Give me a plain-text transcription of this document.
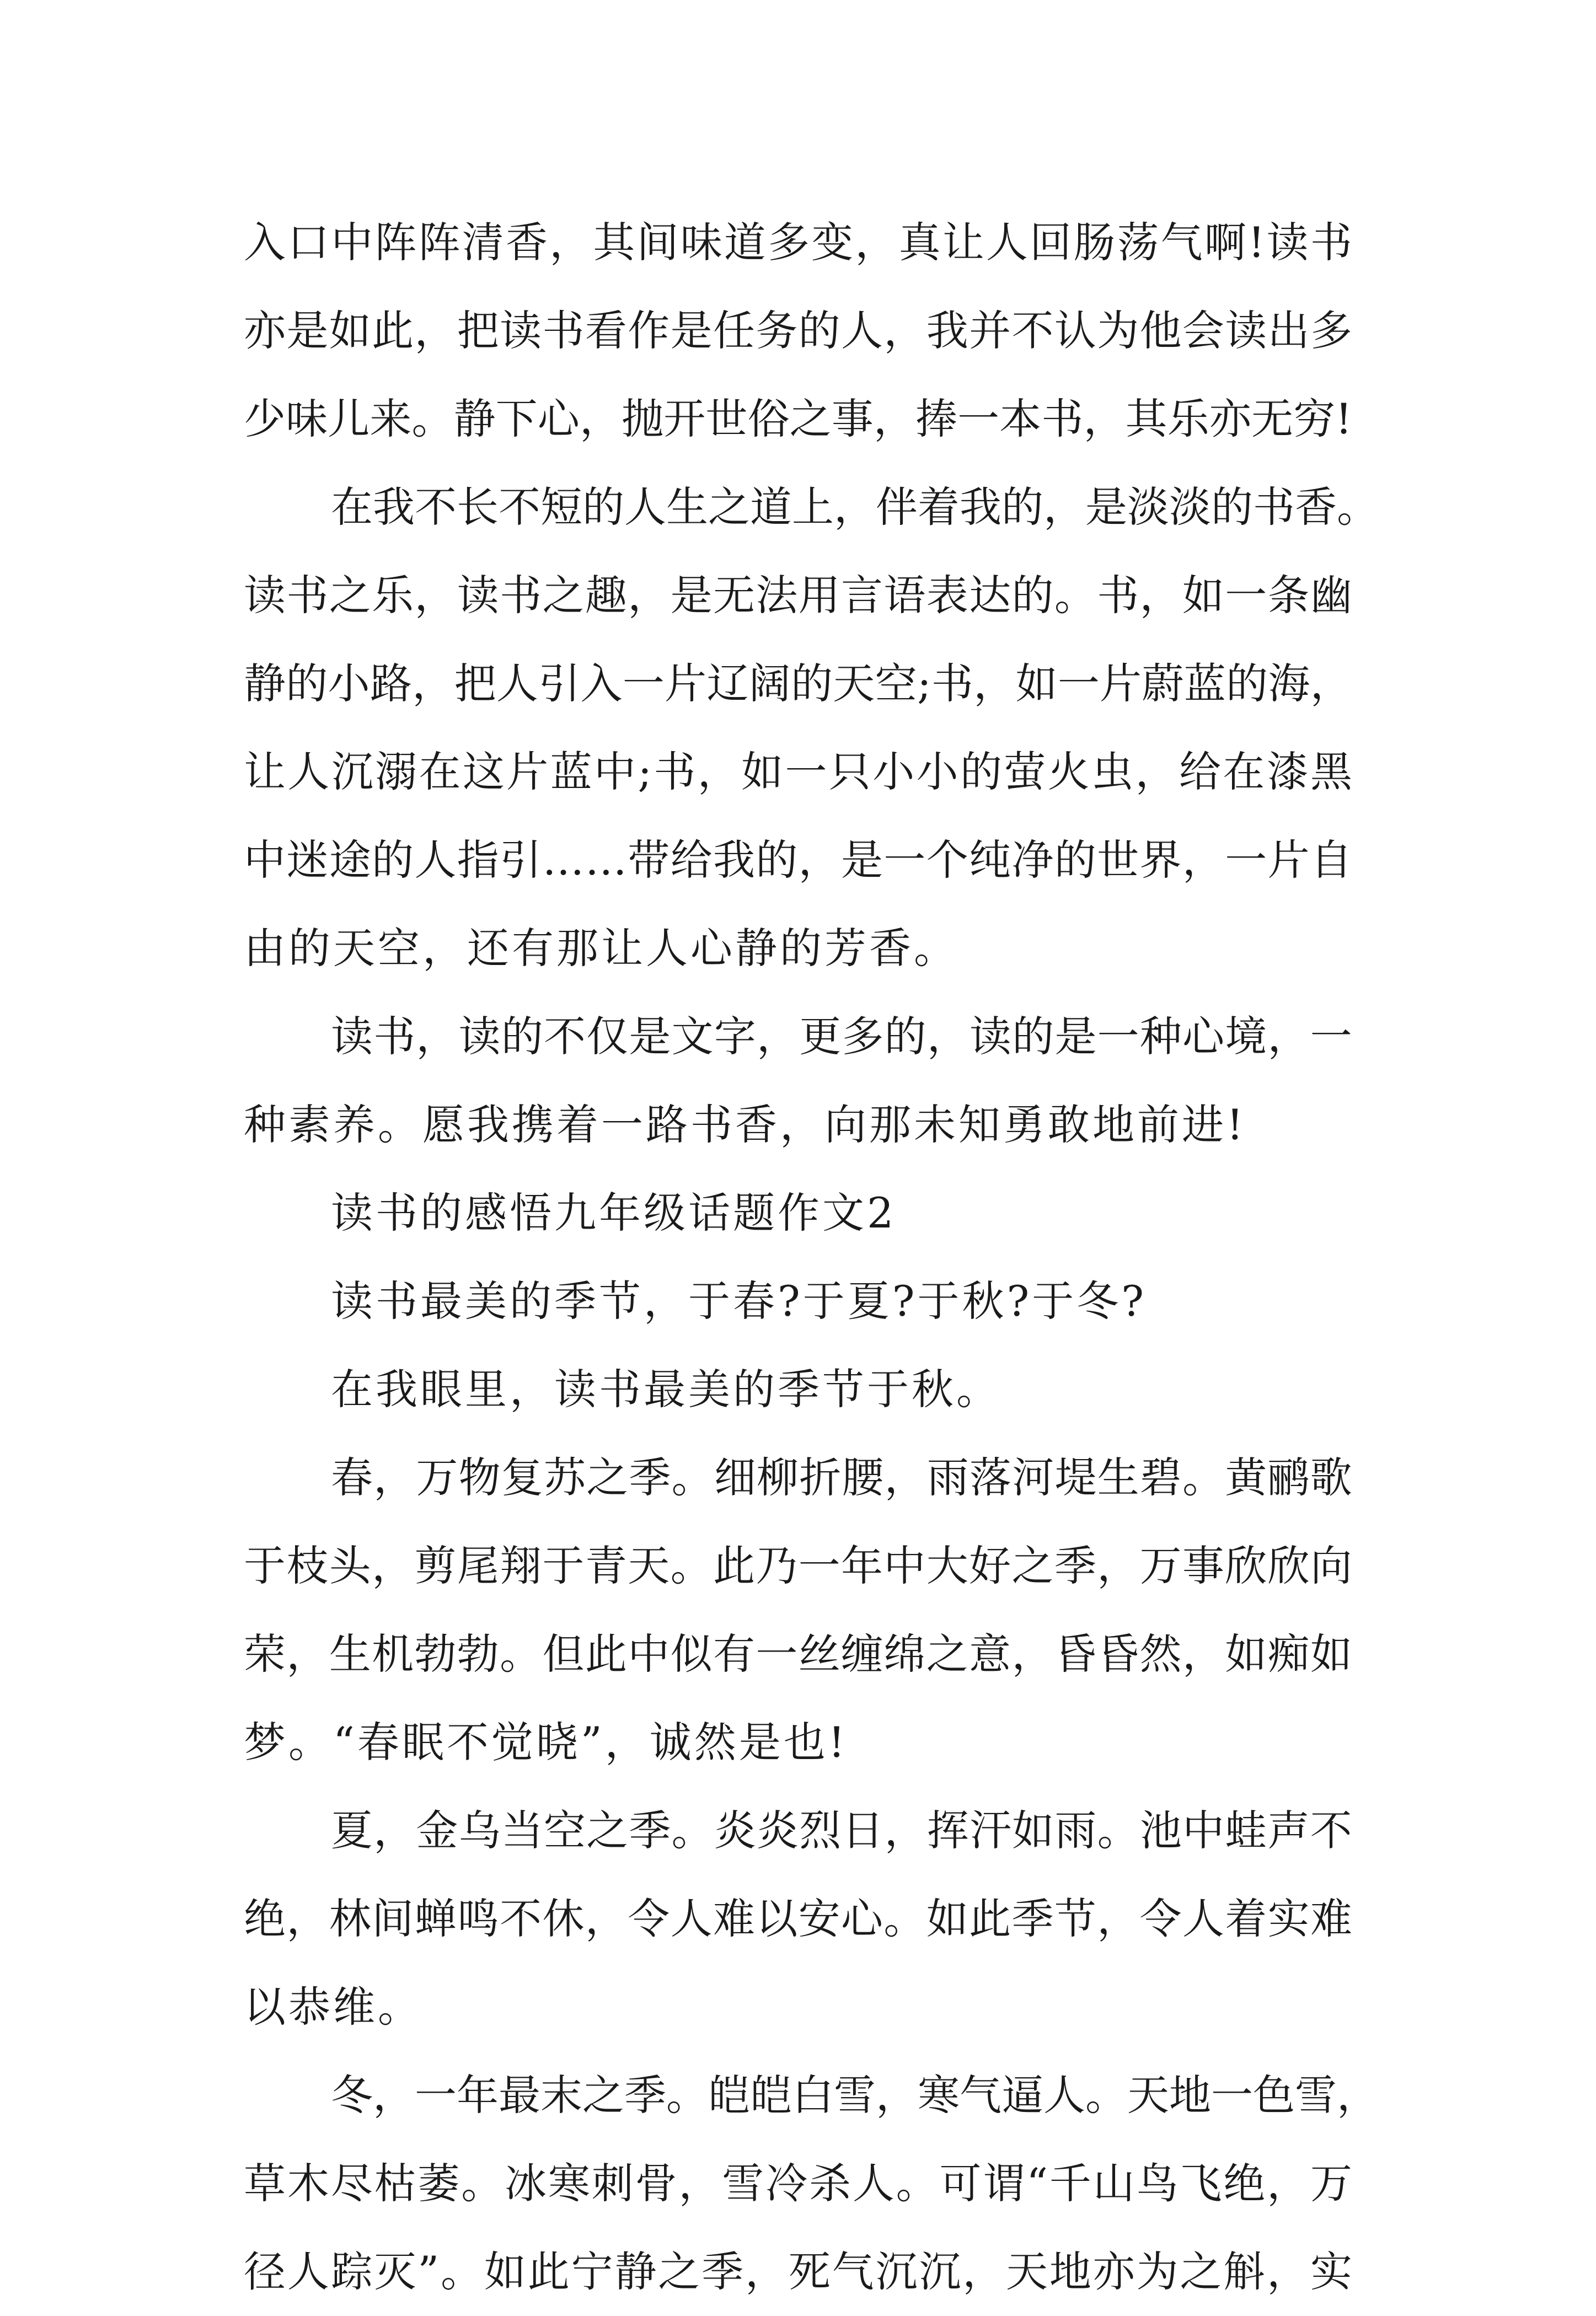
入 口 中 阵 阵 清 香 ， 其 间 味 道 多 变 ， 真 让 人 回 肠 荡 气 啊 ! 读 书
亦 是 如 此 ， 把 读 书 看 作 是 任 务 的 人 ， 我 并 不 认 为 他 会 读 出 多
少 味 儿 来 。 静 下 心 ， 抛 开 世 俗 之 事 ， 捧 一 本 书 ， 其 乐 亦 无 穷 !
在 我 不 长 不 短 的 人 生 之 道 上 ， 伴 着 我 的 ， 是 淡 淡 的 书 香 。
读 书 之 乐 ， 读 书 之 趣 ， 是 无 法 用 言 语 表 达 的 。 书 ， 如 一 条 幽
静 的 小 路 ， 把 人 引 入 一 片 辽 阔 的 天 空 ; 书 ， 如 一 片 蔚 蓝 的 海 ，
让 人 沉 溺 在 这 片 蓝 中 ; 书 ， 如 一 只 小 小 的 萤 火 虫 ， 给 在 漆 黑
中 迷 途 的 人 指 引 … … 带 给 我 的 ， 是 一 个 纯 净 的 世 界 ， 一 片 自
由的天空，还有那让人心静的芳香。
读 书 ， 读 的 不 仅 是 文 字 ， 更 多 的 ， 读 的 是 一 种 心 境 ， 一
种素养。愿我携着一路书香，向那未知勇敢地前进!
读书的感悟九年级话题作文2
读书最美的季节，于春?于夏?于秋?于冬?
在我眼里，读书最美的季节于秋。
春 ， 万 物 复 苏 之 季 。 细 柳 折 腰 ， 雨 落 河 堤 生 碧 。 黄 鹂 歌
于 枝 头 ， 剪 尾 翔 于 青 天 。 此 乃 一 年 中 大 好 之 季 ， 万 事 欣 欣 向
荣 ， 生 机 勃 勃 。 但 此 中 似 有 一 丝 缠 绵 之 意 ， 昏 昏 然 ， 如 痴 如
梦。“春眠不觉晓”，诚然是也!
夏 ， 金 乌 当 空 之 季 。 炎 炎 烈 日 ， 挥 汗 如 雨 。 池 中 蛙 声 不
绝 ， 林 间 蝉 鸣 不 休 ， 令 人 难 以 安 心 。 如 此 季 节 ， 令 人 着 实 难
以恭维。
冬 ， 一 年 最 末 之 季 。 皑 皑 白 雪 ， 寒 气 逼 人 。 天 地 一 色 雪 ，
草 木 尽 枯 萎 。 冰 寒 刺 骨 ， 雪 冷 杀 人 。 可 谓 “ 千 山 鸟 飞 绝 ， 万
径 人 踪 灭 ” 。 如 此 宁 静 之 季 ， 死 气 沉 沉 ， 天 地 亦 为 之 斛 ， 实
